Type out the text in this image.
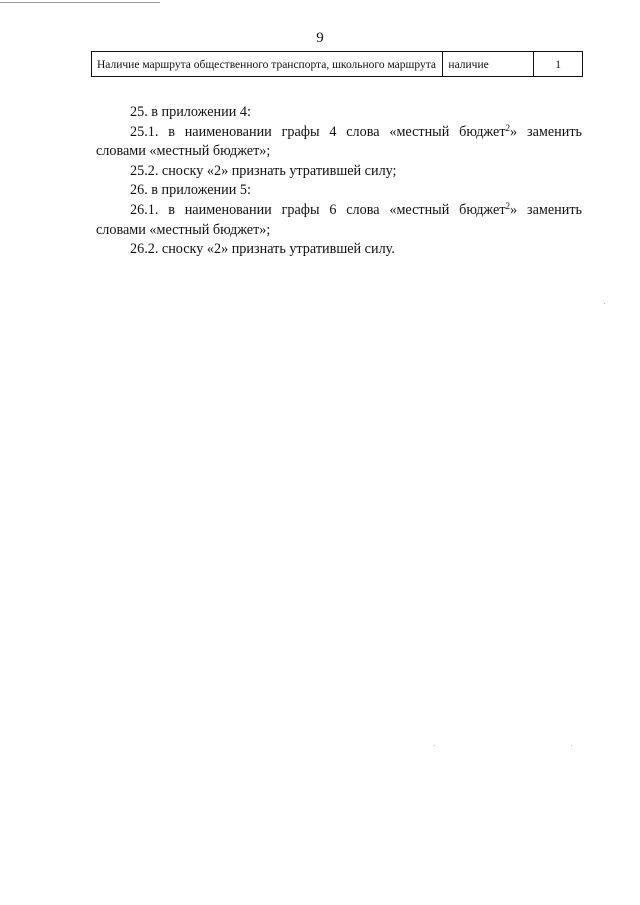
9
Наличие маршрута общественного транспорта, школьного маршрута	наличие	1

25. в приложении 4:

25.1. в наименовании графы 4 слова «местный бюджет$^2$» заменить словами «местный бюджет»;

25.2. сноску «2» признать утратившей силу;

26. в приложении 5:

26.1. в наименовании графы 6 слова «местный бюджет$^2$» заменить словами «местный бюджет»;

26.2. сноску «2» признать утратившей силу.
